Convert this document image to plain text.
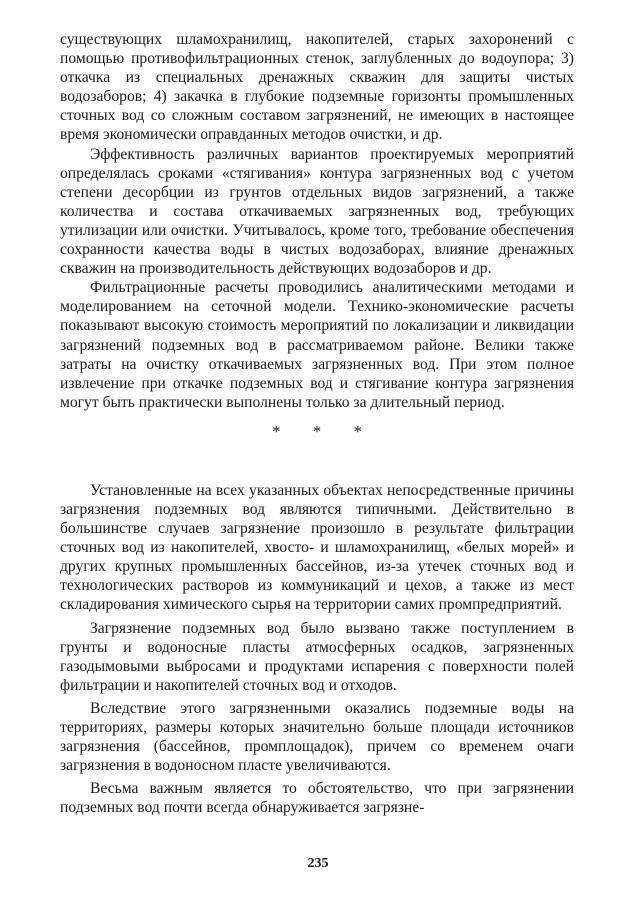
существующих шламохранилищ, накопителей, старых захоронений с помощью противофильтрационных стенок, заглубленных до водоупора; 3) откачка из специальных дренажных скважин для защиты чистых водозаборов; 4) закачка в глубокие подземные горизонты промышленных сточных вод со сложным составом загрязнений, не имеющих в настоящее время экономически оправданных методов очистки, и др.

Эффективность различных вариантов проектируемых мероприятий определялась сроками «стягивания» контура загрязненных вод с учетом степени десорбции из грунтов отдельных видов загрязнений, а также количества и состава откачиваемых загрязненных вод, требующих утилизации или очистки. Учитывалось, кроме того, требование обеспечения сохранности качества воды в чистых водозаборах, влияние дренажных скважин на производительность действующих водозаборов и др.

Фильтрационные расчеты проводились аналитическими методами и моделированием на сеточной модели. Технико-экономические расчеты показывают высокую стоимость мероприятий по локализации и ликвидации загрязнений подземных вод в рассматриваемом районе. Велики также затраты на очистку откачиваемых загрязненных вод. При этом полное извлечение при откачке подземных вод и стягивание контура загрязнения могут быть практически выполнены только за длительный период.

* * *

Установленные на всех указанных объектах непосредственные причины загрязнения подземных вод являются типичными. Действительно в большинстве случаев загрязнение произошло в результате фильтрации сточных вод из накопителей, хвосто- и шламохранилищ, «белых морей» и других крупных промышленных бассейнов, из-за утечек сточных вод и технологических растворов из коммуникаций и цехов, а также из мест складирования химического сырья на территории самих промпредприятий.

Загрязнение подземных вод было вызвано также поступлением в грунты и водоносные пласты атмосферных осадков, загрязненных газодымовыми выбросами и продуктами испарения с поверхности полей фильтрации и накопителей сточных вод и отходов.

Вследствие этого загрязненными оказались подземные воды на территориях, размеры которых значительно больше площади источников загрязнения (бассейнов, промплощадок), причем со временем очаги загрязнения в водоносном пласте увеличиваются.

Весьма важным является то обстоятельство, что при загрязнении подземных вод почти всегда обнаруживается загрязне-

235
